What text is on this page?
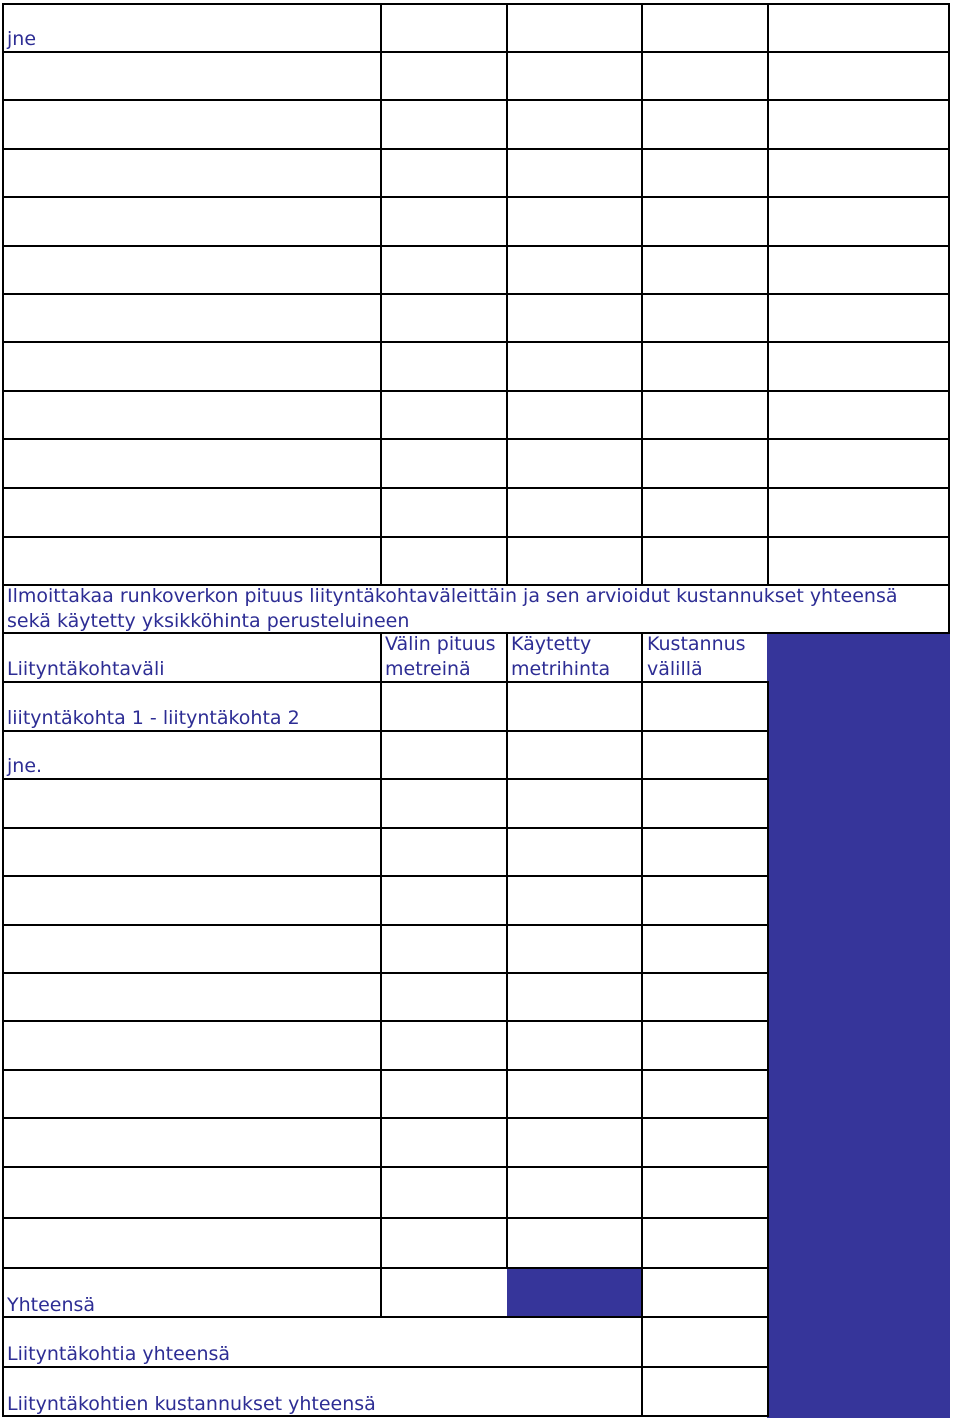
jne
Ilmoittakaa runkoverkon pituus liityntäkohtaväleittäin ja sen arvioidut kustannukset yhteensä
sekä käytetty yksikköhinta perusteluineen
Liityntäkohtaväli
Välin pituus
metreinä
Käytetty
metrihinta
Kustannus
välillä
liityntäkohta 1 - liityntäkohta 2
jne.
Yhteensä
Liityntäkohtia yhteensä
Liityntäkohtien kustannukset yhteensä
